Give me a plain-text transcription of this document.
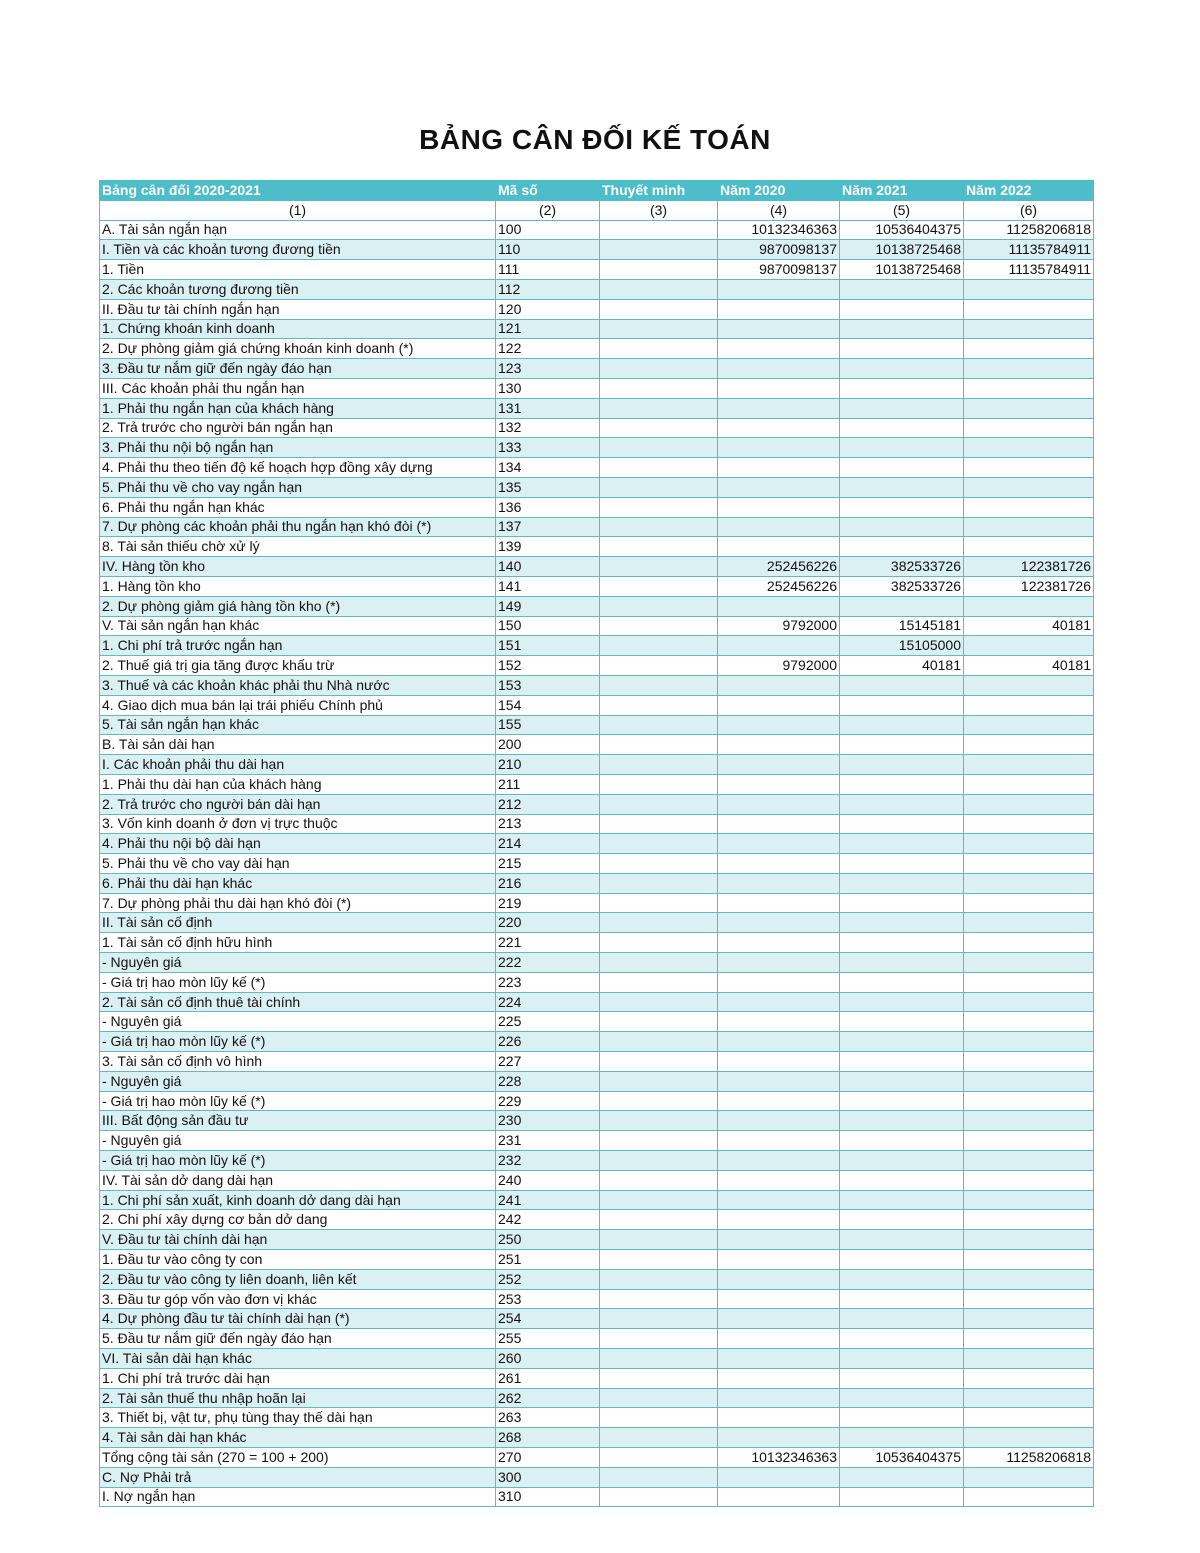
BẢNG CÂN ĐỐI KẾ TOÁN
Bảng cân đối 2020-2021	Mã số	Thuyết minh	Năm 2020	Năm 2021	Năm 2022
(1)	(2)	(3)	(4)	(5)	(6)
A. Tài sản ngắn hạn	100		10132346363	10536404375	11258206818
I. Tiền và các khoản tương đương tiền	110		9870098137	10138725468	11135784911
1. Tiền	111		9870098137	10138725468	11135784911
2. Các khoản tương đương tiền	112				
II. Đầu tư tài chính ngắn hạn	120				
1. Chứng khoán kinh doanh	121				
2. Dự phòng giảm giá chứng khoán kinh doanh (*)	122				
3. Đầu tư nắm giữ đến ngày đáo hạn	123				
III. Các khoản phải thu ngắn hạn	130				
1. Phải thu ngắn hạn của khách hàng	131				
2. Trả trước cho người bán ngắn hạn	132				
3. Phải thu nội bộ ngắn hạn	133				
4. Phải thu theo tiến độ kế hoạch hợp đồng xây dựng	134				
5. Phải thu về cho vay ngắn hạn	135				
6. Phải thu ngắn hạn khác	136				
7. Dự phòng các khoản phải thu ngắn hạn khó đòi (*)	137				
8. Tài sản thiếu chờ xử lý	139				
IV. Hàng tồn kho	140		252456226	382533726	122381726
1. Hàng tồn kho	141		252456226	382533726	122381726
2. Dự phòng giảm giá hàng tồn kho (*)	149				
V. Tài sản ngắn hạn khác	150		9792000	15145181	40181
1. Chi phí trả trước ngắn hạn	151			15105000	
2. Thuế giá trị gia tăng được khấu trừ	152		9792000	40181	40181
3. Thuế và các khoản khác phải thu Nhà nước	153				
4. Giao dịch mua bán lại trái phiếu Chính phủ	154				
5. Tài sản ngắn hạn khác	155				
B. Tài sản dài hạn	200				
I. Các khoản phải thu dài hạn	210				
1. Phải thu dài hạn của khách hàng	211				
2. Trả trước cho người bán dài hạn	212				
3. Vốn kinh doanh ở đơn vị trực thuộc	213				
4. Phải thu nội bộ dài hạn	214				
5. Phải thu về cho vay dài hạn	215				
6. Phải thu dài hạn khác	216				
7. Dự phòng phải thu dài hạn khó đòi (*)	219				
II. Tài sản cố định	220				
1. Tài sản cố định hữu hình	221				
- Nguyên giá	222				
- Giá trị hao mòn lũy kế (*)	223				
2. Tài sản cố định thuê tài chính	224				
- Nguyên giá	225				
- Giá trị hao mòn lũy kế (*)	226				
3. Tài sản cố định vô hình	227				
- Nguyên giá	228				
- Giá trị hao mòn lũy kế (*)	229				
III. Bất động sản đầu tư	230				
- Nguyên giá	231				
- Giá trị hao mòn lũy kế (*)	232				
IV. Tài sản dở dang dài hạn	240				
1. Chi phí sản xuất, kinh doanh dở dang dài hạn	241				
2. Chi phí xây dựng cơ bản dở dang	242				
V. Đầu tư tài chính dài hạn	250				
1. Đầu tư vào công ty con	251				
2. Đầu tư vào công ty liên doanh, liên kết	252				
3. Đầu tư góp vốn vào đơn vị khác	253				
4. Dự phòng đầu tư tài chính dài hạn (*)	254				
5. Đầu tư nắm giữ đến ngày đáo hạn	255				
VI. Tài sản dài hạn khác	260				
1. Chi phí trả trước dài hạn	261				
2. Tài sản thuế thu nhập hoãn lại	262				
3. Thiết bị, vật tư, phụ tùng thay thế dài hạn	263				
4. Tài sản dài hạn khác	268				
Tổng cộng tài sản (270 = 100 + 200)	270		10132346363	10536404375	11258206818
C. Nợ Phải trả	300				
I. Nợ ngắn hạn	310				
